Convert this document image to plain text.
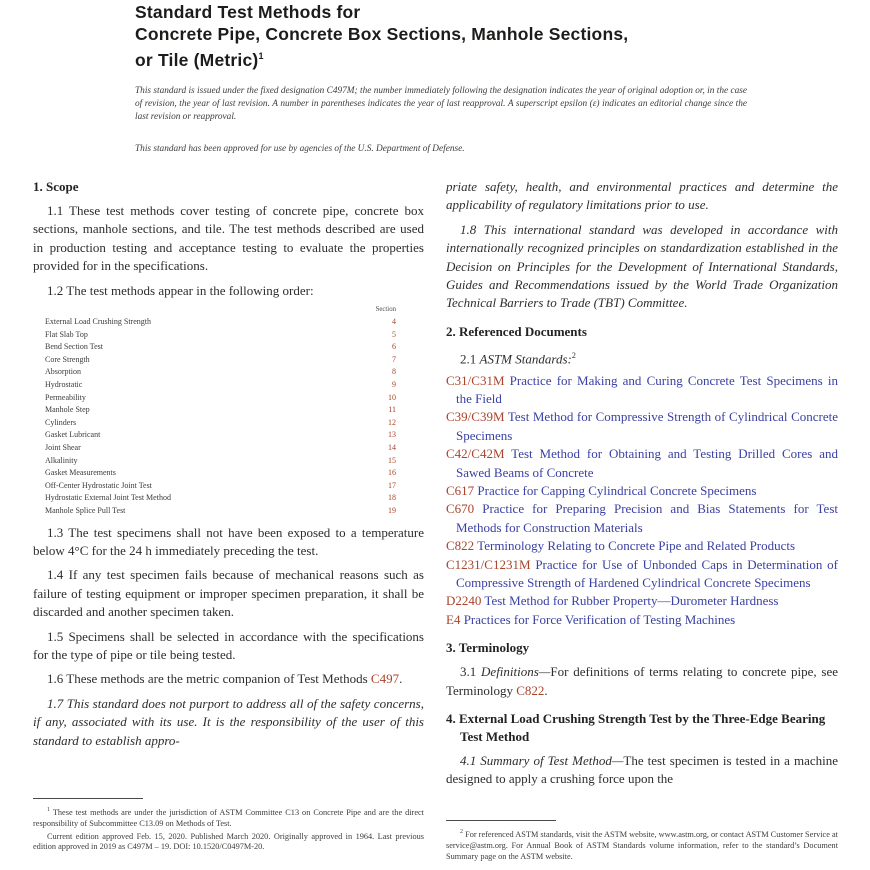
Standard Test Methods for
Concrete Pipe, Concrete Box Sections, Manhole Sections,
or Tile (Metric)$^1$
This standard is issued under the fixed designation C497M; the number immediately following the designation indicates the year of original adoption or, in the case of revision, the year of last revision. A number in parentheses indicates the year of last reapproval. A superscript epsilon (ε) indicates an editorial change since the last revision or reapproval.
This standard has been approved for use by agencies of the U.S. Department of Defense.
1. Scope

1.1 These test methods cover testing of concrete pipe, concrete box sections, manhole sections, and tile. The test methods described are used in production testing and acceptance testing to evaluate the properties provided for in the specifications.

1.2 The test methods appear in the following order:

Section
External Load Crushing Strength	4
Flat Slab Top	5
Bend Section Test	6
Core Strength	7
Absorption	8
Hydrostatic	9
Permeability	10
Manhole Step	11
Cylinders	12
Gasket Lubricant	13
Joint Shear	14
Alkalinity	15
Gasket Measurements	16
Off-Center Hydrostatic Joint Test	17
Hydrostatic External Joint Test Method	18
Manhole Splice Pull Test	19

1.3 The test specimens shall not have been exposed to a temperature below 4°C for the 24 h immediately preceding the test.

1.4 If any test specimen fails because of mechanical reasons such as failure of testing equipment or improper specimen preparation, it shall be discarded and another specimen taken.

1.5 Specimens shall be selected in accordance with the specifications for the type of pipe or tile being tested.

1.6 These methods are the metric companion of Test Methods C497.

1.7 This standard does not purport to address all of the safety concerns, if any, associated with its use. It is the responsibility of the user of this standard to establish appro-

$^1$ These test methods are under the jurisdiction of ASTM Committee C13 on Concrete Pipe and are the direct responsibility of Subcommittee C13.09 on Methods of Test.

Current edition approved Feb. 15, 2020. Published March 2020. Originally approved in 1964. Last previous edition approved in 2019 as C497M – 19. DOI: 10.1520/C0497M-20.

priate safety, health, and environmental practices and determine the applicability of regulatory limitations prior to use.

1.8 This international standard was developed in accordance with internationally recognized principles on standardization established in the Decision on Principles for the Development of International Standards, Guides and Recommendations issued by the World Trade Organization Technical Barriers to Trade (TBT) Committee.

2. Referenced Documents

2.1 ASTM Standards:$^2$

C31/C31M Practice for Making and Curing Concrete Test Specimens in the Field

C39/C39M Test Method for Compressive Strength of Cylindrical Concrete Specimens

C42/C42M Test Method for Obtaining and Testing Drilled Cores and Sawed Beams of Concrete

C617 Practice for Capping Cylindrical Concrete Specimens

C670 Practice for Preparing Precision and Bias Statements for Test Methods for Construction Materials

C822 Terminology Relating to Concrete Pipe and Related Products

C1231/C1231M Practice for Use of Unbonded Caps in Determination of Compressive Strength of Hardened Cylindrical Concrete Specimens

D2240 Test Method for Rubber Property—Durometer Hardness

E4 Practices for Force Verification of Testing Machines

3. Terminology

3.1 Definitions—For definitions of terms relating to concrete pipe, see Terminology C822.

4. External Load Crushing Strength Test by the Three-Edge Bearing Test Method

4.1 Summary of Test Method—The test specimen is tested in a machine designed to apply a crushing force upon the

$^2$ For referenced ASTM standards, visit the ASTM website, www.astm.org, or contact ASTM Customer Service at service@astm.org. For Annual Book of ASTM Standards volume information, refer to the standard’s Document Summary page on the ASTM website.
